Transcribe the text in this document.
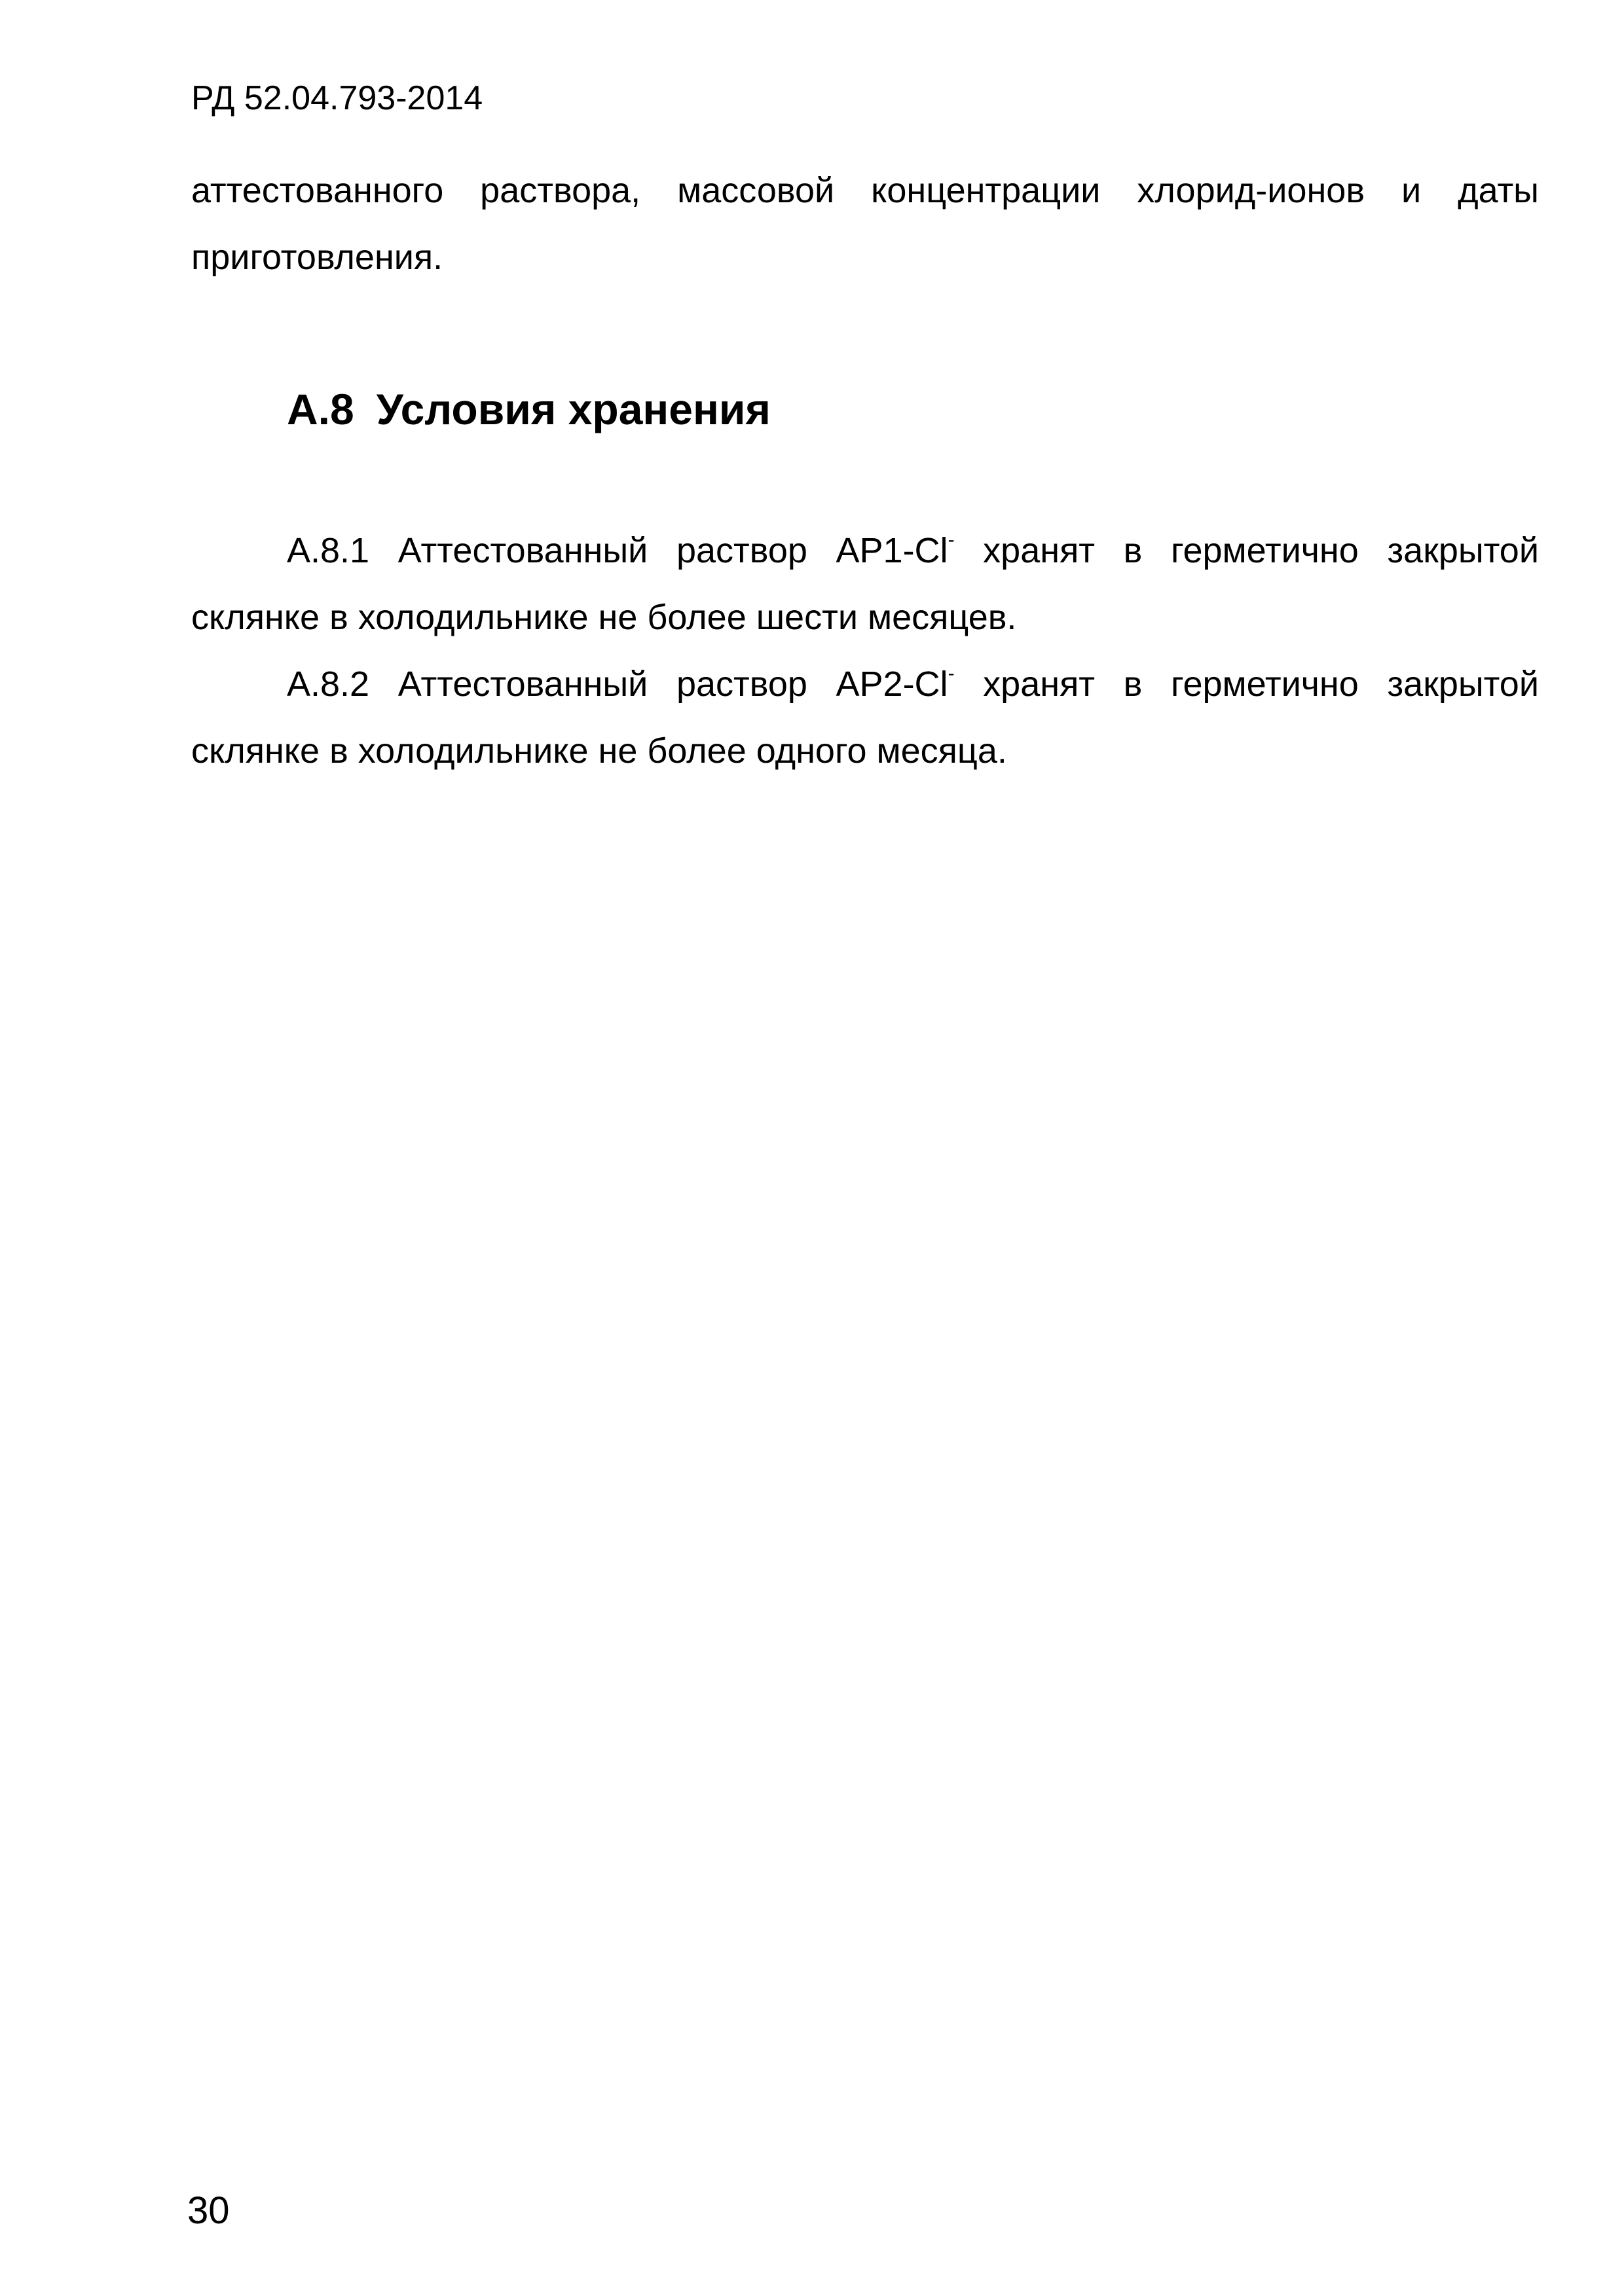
РД 52.04.793-2014
аттестованного раствора, массовой концентрации хлорид-ионов и даты приготовления.
А.8 Условия хранения

А.8.1 Аттестованный раствор АР1-Cl- хранят в герметично закрытой склянке в холодильнике не более шести месяцев.

А.8.2 Аттестованный раствор АР2-Cl- хранят в герметично закрытой склянке в холодильнике не более одного месяца.

30
